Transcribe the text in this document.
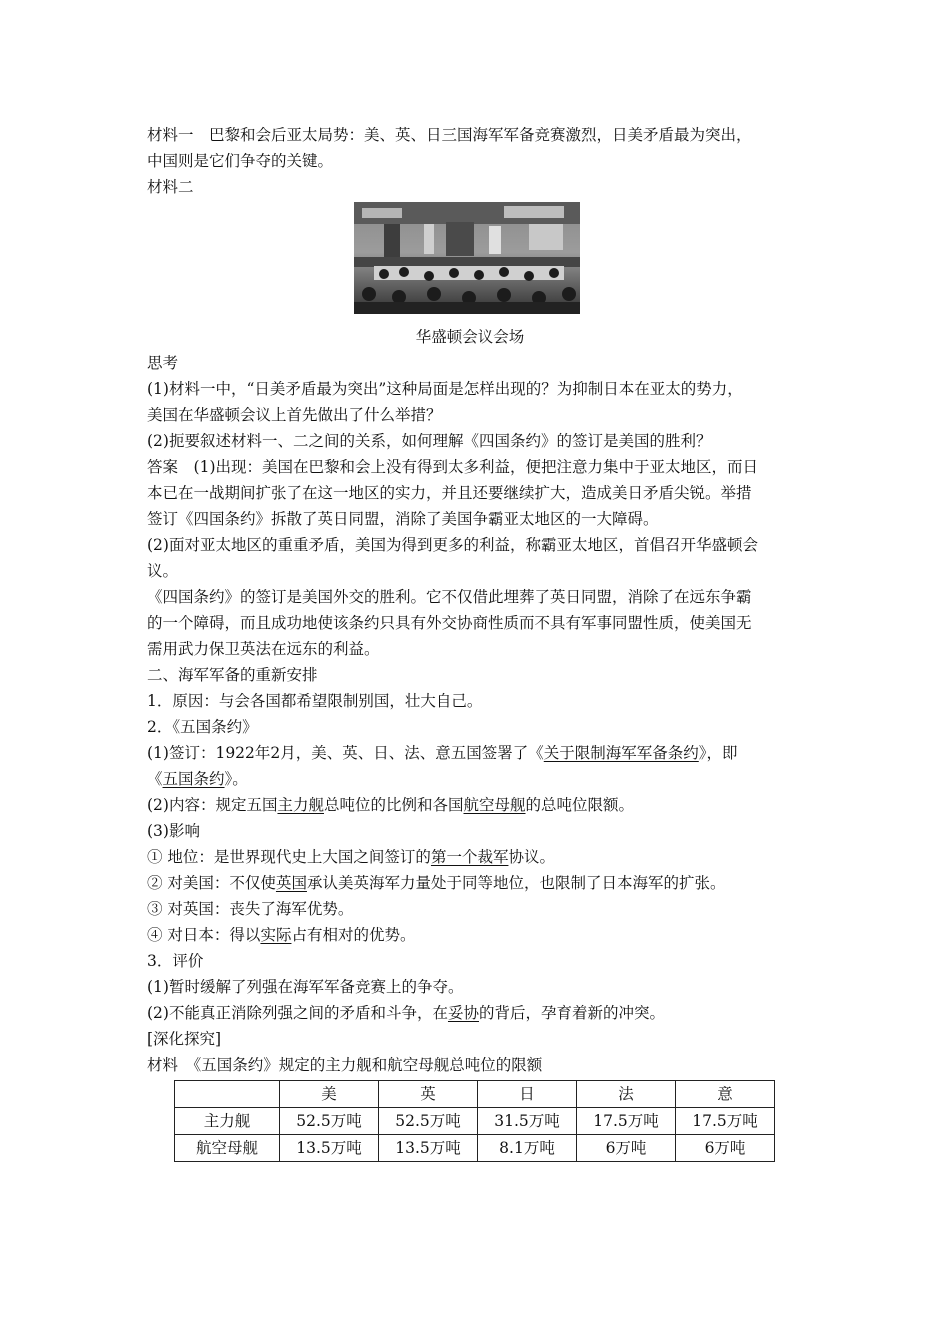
材料一　 巴黎和会后亚太局势：美、英、日三国海军军备竞赛激烈，日美矛盾最为突出，

中国则是它们争夺的关键。

材料二

华盛顿会议会场

思考

(1)材料一中，“日美矛盾最为突出”这种局面是怎样出现的？为抑制日本在亚太的势力，

美国在华盛顿会议上首先做出了什么举措？

(2)扼要叙述材料一、二之间的关系，如何理解《四国条约》的签订是美国的胜利？

答案　 (1)出现：美国在巴黎和会上没有得到太多利益，便把注意力集中于亚太地区，而日

本已在一战期间扩张了在这一地区的实力，并且还要继续扩大，造成美日矛盾尖锐。举措

签订《四国条约》拆散了英日同盟，消除了美国争霸亚太地区的一大障碍。

(2)面对亚太地区的重重矛盾，美国为得到更多的利益，称霸亚太地区，首倡召开华盛顿会

议。

《四国条约》的签订是美国外交的胜利。它不仅借此埋葬了英日同盟，消除了在远东争霸

的一个障碍，而且成功地使该条约只具有外交协商性质而不具有军事同盟性质，使美国无

需用武力保卫英法在远东的利益。

二、海军军备的重新安排

1．原因：与会各国都希望限制别国，壮大自己。

2．《五国条约》

(1)签订：1922年2月，美、英、日、法、意五国签署了《关于限制海军军备条约》，即

《五国条约》。

(2)内容：规定五国主力舰总吨位的比例和各国航空母舰的总吨位限额。

(3)影响

① 地位：是世界现代史上大国之间签订的第一个裁军协议。

② 对美国：不仅使英国承认美英海军力量处于同等地位，也限制了日本海军的扩张。

③ 对英国：丧失了海军优势。

④ 对日本：得以实际占有相对的优势。

3．评价

(1)暂时缓解了列强在海军军备竞赛上的争夺。

(2)不能真正消除列强之间的矛盾和斗争，在妥协的背后，孕育着新的冲突。

[深化探究]

材料　 《五国条约》规定的主力舰和航空母舰总吨位的限额

	美	英	日	法	意
主力舰	52.5万吨	52.5万吨	31.5万吨	17.5万吨	17.5万吨
航空母舰	13.5万吨	13.5万吨	8.1万吨	6万吨	6万吨
